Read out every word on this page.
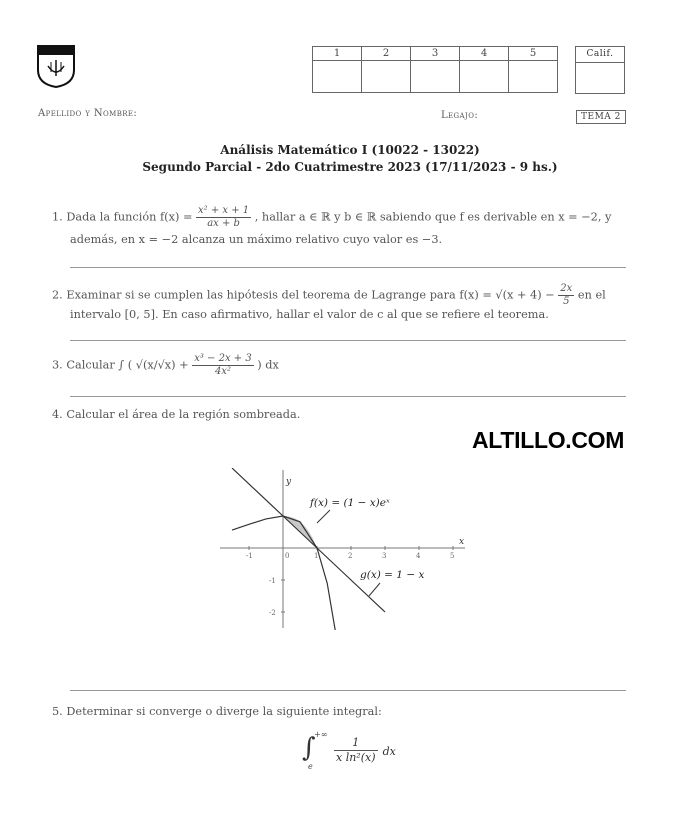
1	2	3	4	5
					Calif.
Apellido y Nombre:	Legajo:	TEMA 2
Análisis Matemático I (10022 - 13022)
Segundo Parcial - 2do Cuatrimestre 2023 (17/11/2023 - 9 hs.)
1. Dada la función $f(x) = \frac{\text{x² + x + 1}}{ax + b}$ , hallar a ∈ ℝ y b ∈ ℝ sabiendo que f es derivable en x = −2, y
además, en x = −2 alcanza un máximo relativo cuyo valor es −3.
2. Examinar si se cumplen las hipótesis del teorema de Lagrange para $f(x) = √(x + 4) - \frac{2x}{5}$ en el
intervalo [0, 5]. En caso afirmativo, hallar el valor de c al que se refiere el teorema.
3. Calcular ∫ ( $√(x/√x) + \frac{\text{x³ − 2x + 3}}{\text{4x²}}$ ) dx
4. Calcular el área de la región sombreada.
ALTILLO.COM
-1	0	1	2	3	4	5
-1
-2
x
y
f(x) = (1 − x)eˣ
g(x) = 1 − x
5. Determinar si converge o diverge la siguiente integral:
∫
+∞
e
$\frac{1}{\text{x ln²(x)}}$ dx
